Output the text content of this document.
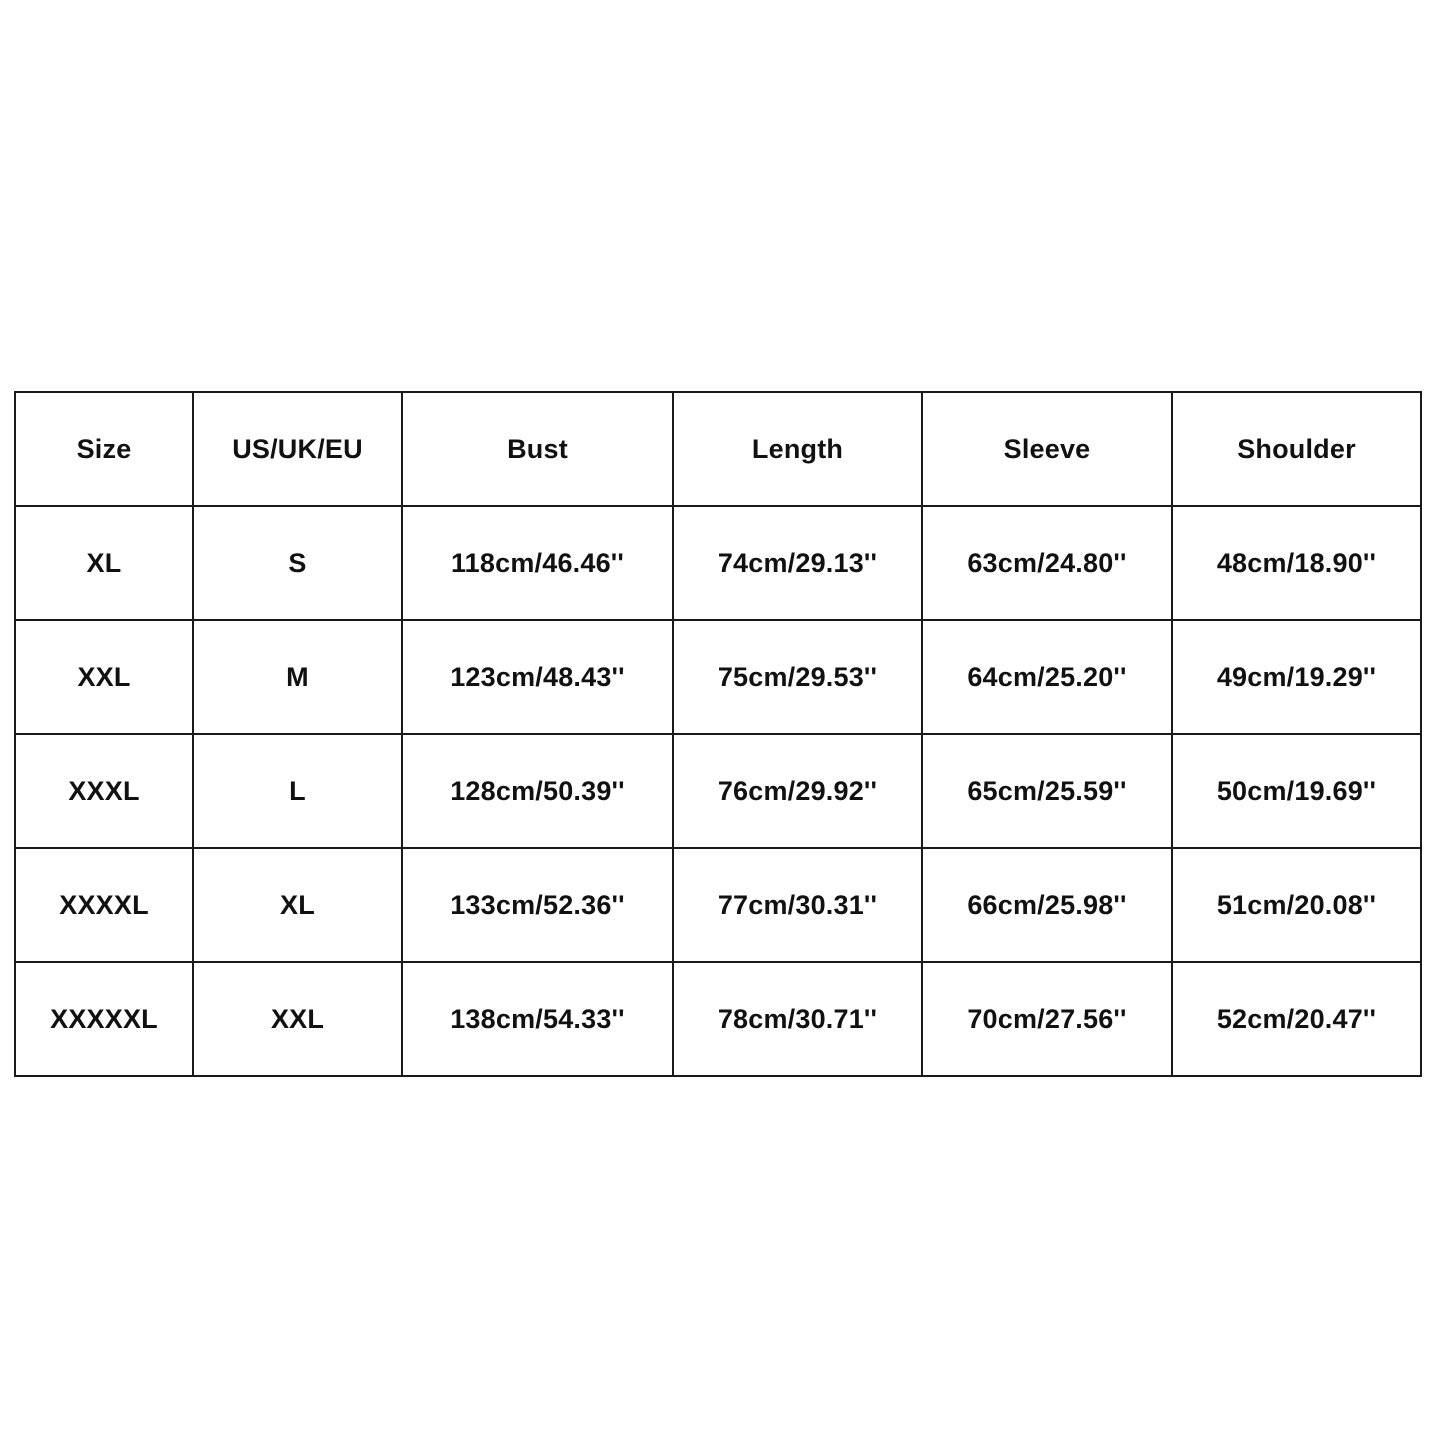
Size	US/UK/EU	Bust	Length	Sleeve	Shoulder
XL	S	118cm/46.46''	74cm/29.13''	63cm/24.80''	48cm/18.90''
XXL	M	123cm/48.43''	75cm/29.53''	64cm/25.20''	49cm/19.29''
XXXL	L	128cm/50.39''	76cm/29.92''	65cm/25.59''	50cm/19.69''
XXXXL	XL	133cm/52.36''	77cm/30.31''	66cm/25.98''	51cm/20.08''
XXXXXL	XXL	138cm/54.33''	78cm/30.71''	70cm/27.56''	52cm/20.47''
